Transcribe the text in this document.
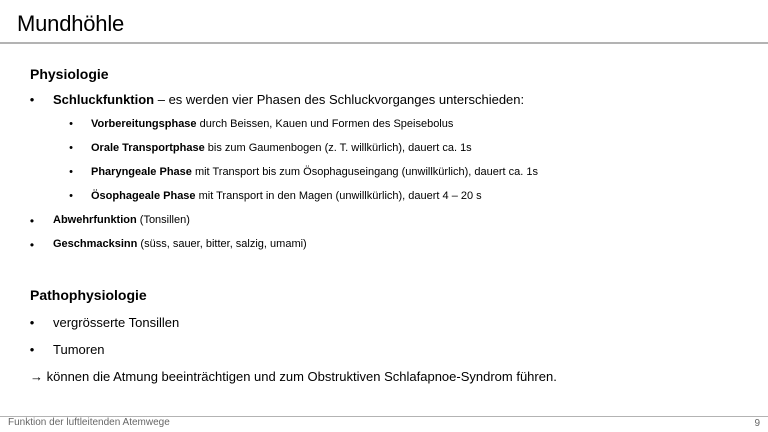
Mundhöhle
Physiologie
• Schluckfunktion – es werden vier Phasen des Schluckvorganges unterschieden:
•	Vorbereitungsphase durch Beissen, Kauen und Formen des Speisebolus
•	Orale Transportphase bis zum Gaumenbogen (z. T. willkürlich), dauert ca. 1s
•	Pharyngeale Phase mit Transport bis zum Ösophaguseingang (unwillkürlich), dauert ca. 1s
•	Ösophageale Phase mit Transport in den Magen (unwillkürlich), dauert 4 – 20 s
•	Abwehrfunktion (Tonsillen)
•	Geschmacksinn (süss, sauer, bitter, salzig, umami)
Pathophysiologie
• vergrösserte Tonsillen
• Tumoren
→ können die Atmung beeinträchtigen und zum Obstruktiven Schlafapnoe-Syndrom führen.
Funktion der luftleitenden Atemwege	9
